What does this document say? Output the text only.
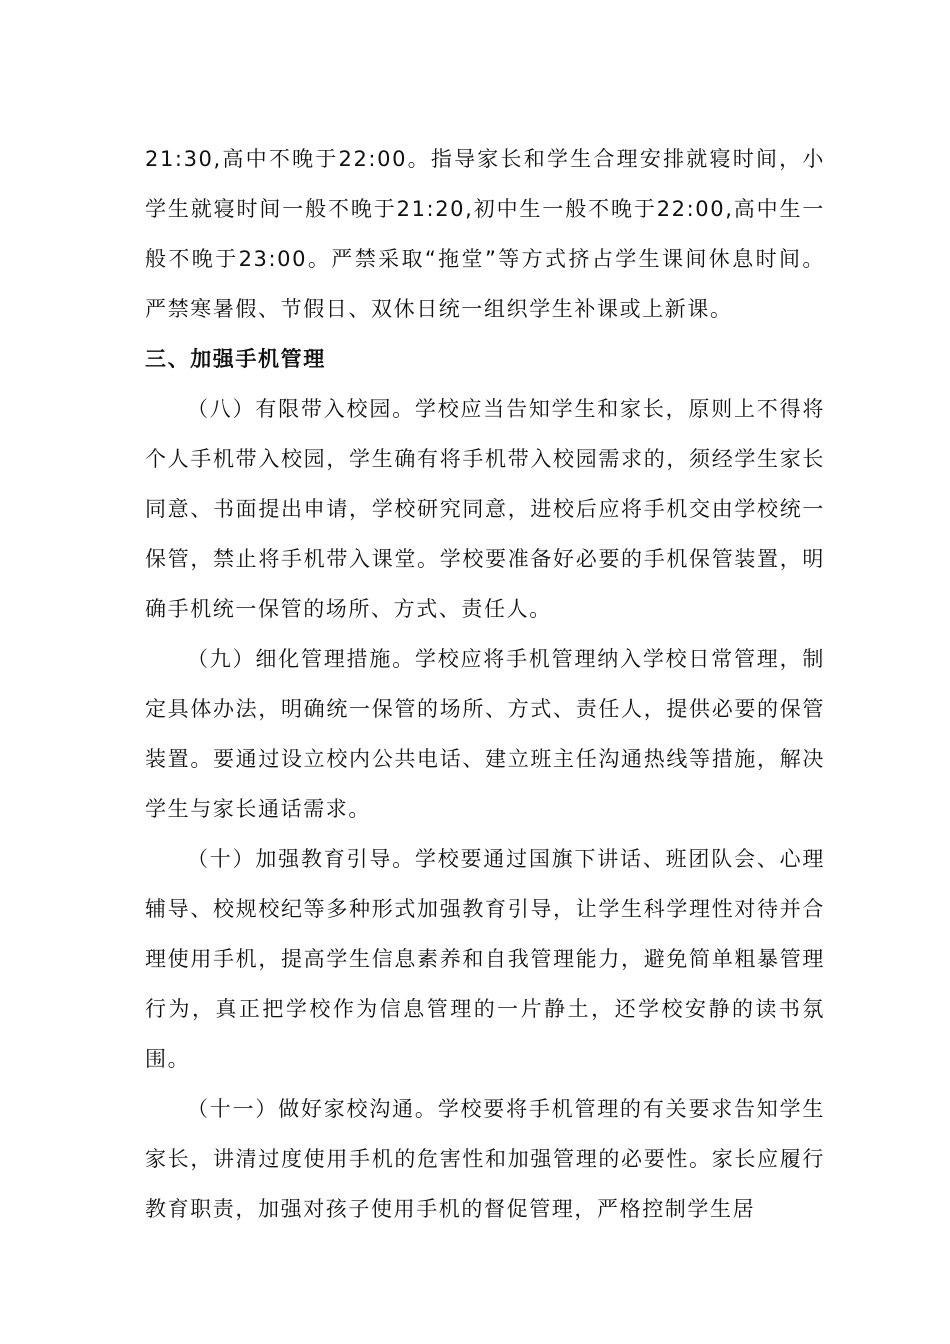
21:30,高中不晚于22:00。指导家长和学生合理安排就寝时间，小学生就寝时间一般不晚于21:20,初中生一般不晚于22:00,高中生一般不晚于23:00。严禁采取“拖堂”等方式挤占学生课间休息时间。严禁寒暑假、节假日、双休日统一组织学生补课或上新课。

三、加强手机管理

（八）有限带入校园。学校应当告知学生和家长，原则上不得将个人手机带入校园，学生确有将手机带入校园需求的，须经学生家长同意、书面提出申请，学校研究同意，进校后应将手机交由学校统一保管，禁止将手机带入课堂。学校要准备好必要的手机保管装置，明确手机统一保管的场所、方式、责任人。

（九）细化管理措施。学校应将手机管理纳入学校日常管理，制定具体办法，明确统一保管的场所、方式、责任人，提供必要的保管装置。要通过设立校内公共电话、建立班主任沟通热线等措施，解决学生与家长通话需求。

（十）加强教育引导。学校要通过国旗下讲话、班团队会、心理辅导、校规校纪等多种形式加强教育引导，让学生科学理性对待并合理使用手机，提高学生信息素养和自我管理能力，避免简单粗暴管理行为，真正把学校作为信息管理的一片静土，还学校安静的读书氛围。

（十一）做好家校沟通。学校要将手机管理的有关要求告知学生家长，讲清过度使用手机的危害性和加强管理的必要性。家长应履行教育职责，加强对孩子使用手机的督促管理，严格控制学生居
